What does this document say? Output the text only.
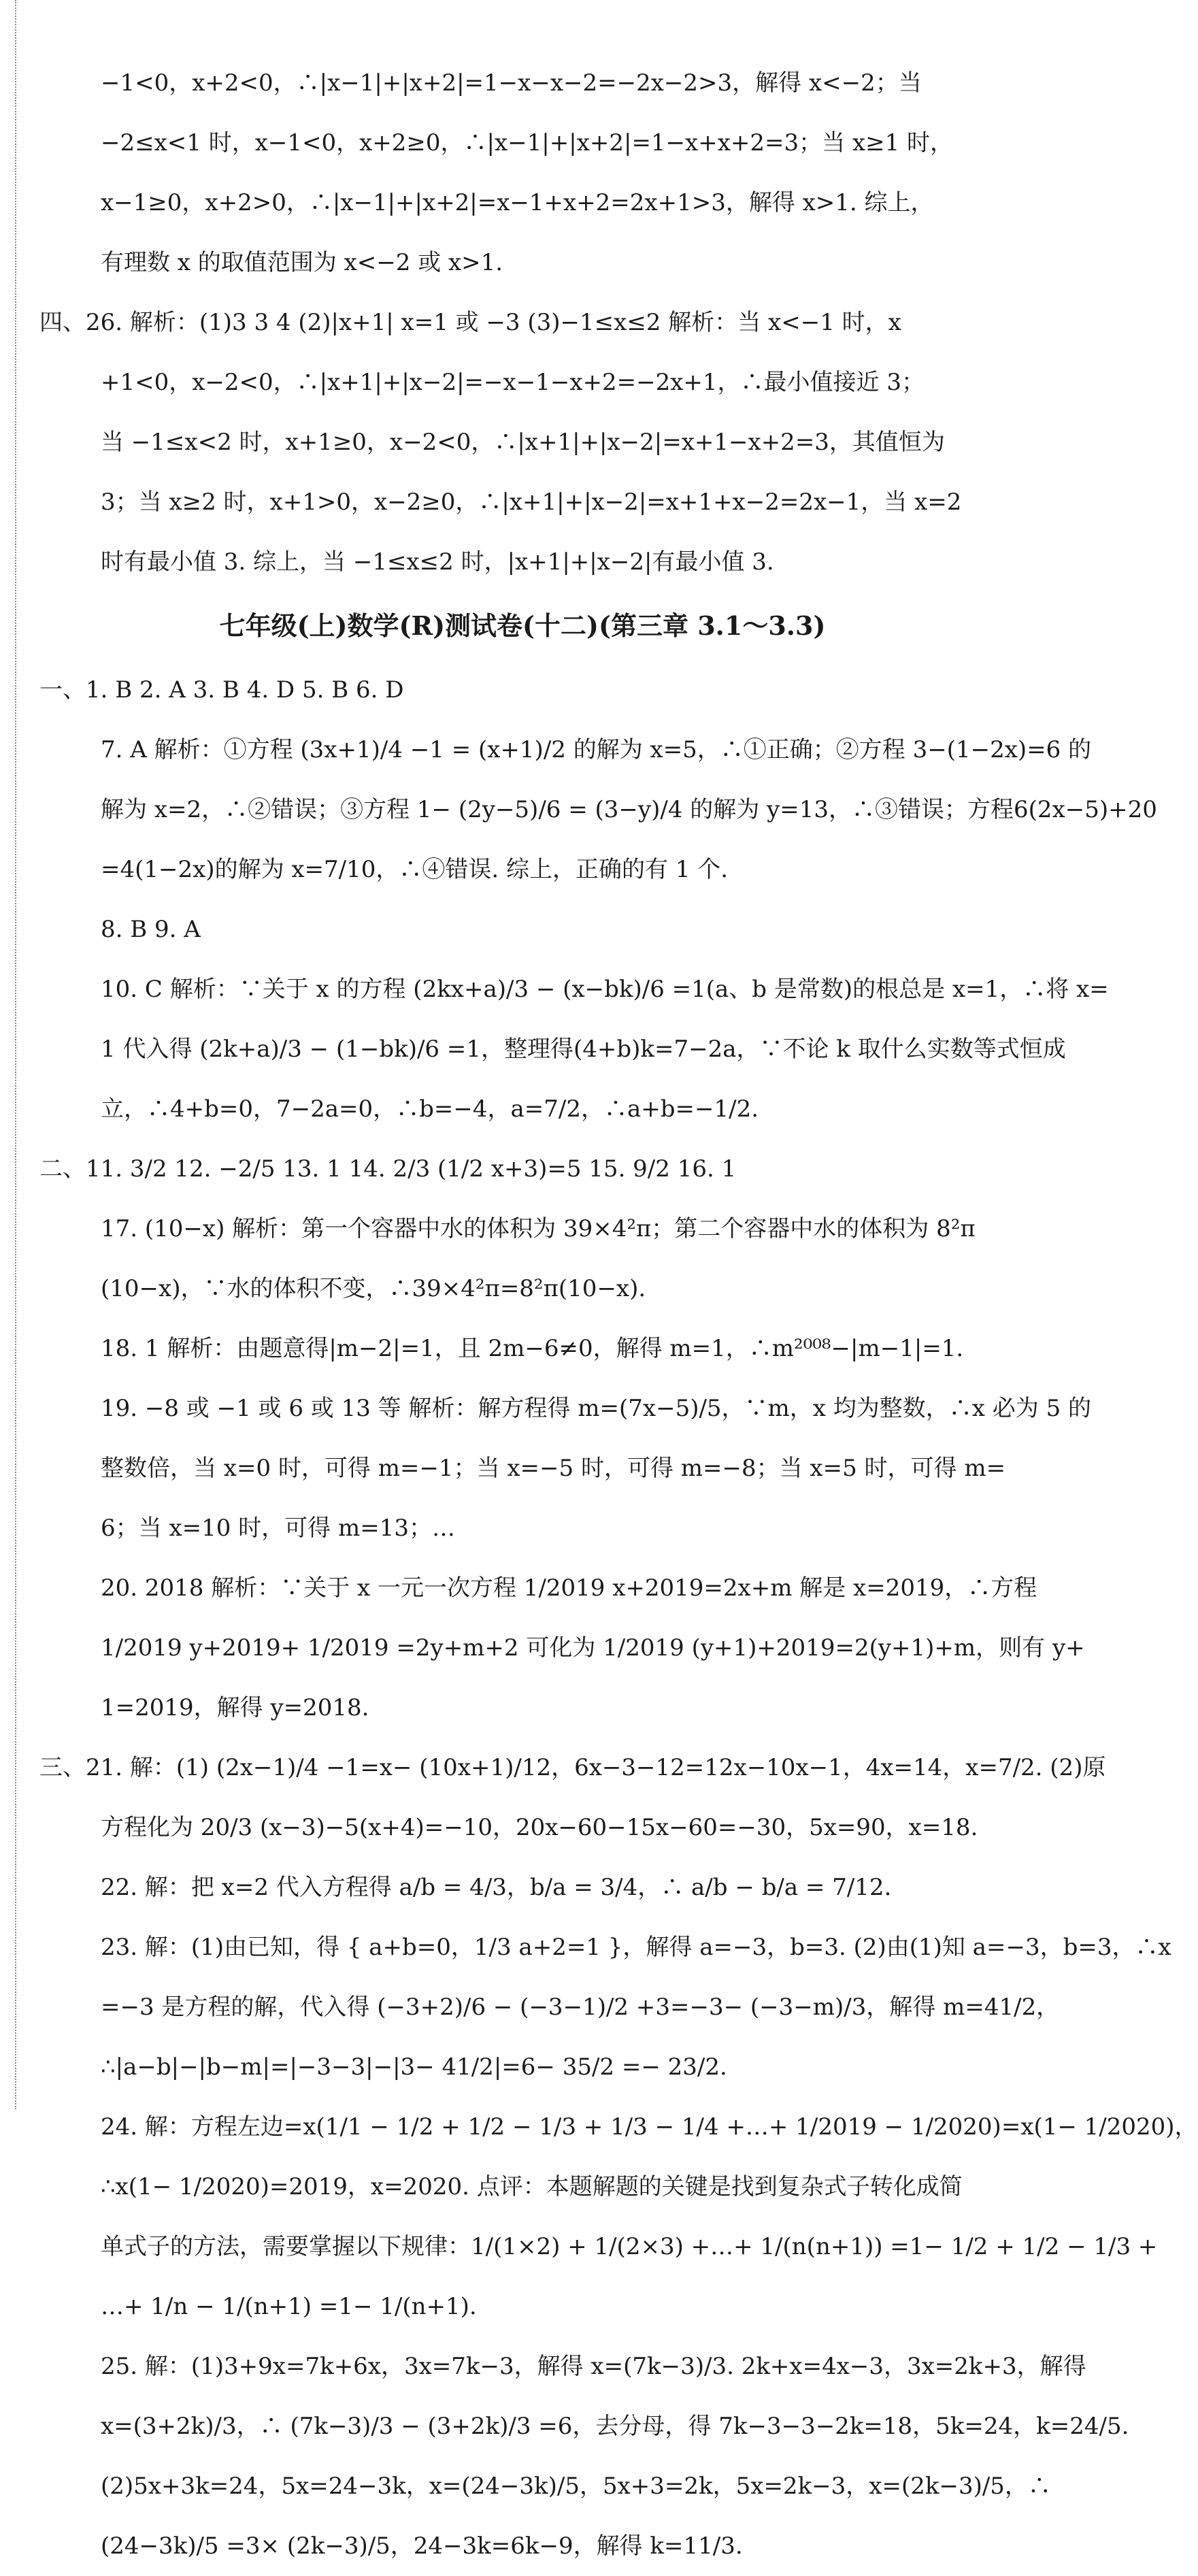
−1<0，x+2<0，∴|x−1|+|x+2|=1−x−x−2=−2x−2>3，解得 x<−2；当
−2≤x<1 时，x−1<0，x+2≥0，∴|x−1|+|x+2|=1−x+x+2=3；当 x≥1 时，
x−1≥0，x+2>0，∴|x−1|+|x+2|=x−1+x+2=2x+1>3，解得 x>1. 综上，
有理数 x 的取值范围为 x<−2 或 x>1.
四、26. 解析：(1)3 3 4 (2)|x+1| x=1 或 −3 (3)−1≤x≤2 解析：当 x<−1 时，x
+1<0，x−2<0，∴|x+1|+|x−2|=−x−1−x+2=−2x+1，∴最小值接近 3；
当 −1≤x<2 时，x+1≥0，x−2<0，∴|x+1|+|x−2|=x+1−x+2=3，其值恒为
3；当 x≥2 时，x+1>0，x−2≥0，∴|x+1|+|x−2|=x+1+x−2=2x−1，当 x=2
时有最小值 3. 综上，当 −1≤x≤2 时，|x+1|+|x−2|有最小值 3.
七年级(上)数学(R)测试卷(十二)(第三章 3.1～3.3)
一、1. B 2. A 3. B 4. D 5. B 6. D
7. A 解析：①方程 (3x+1)/4 −1 = (x+1)/2 的解为 x=5，∴①正确；②方程 3−(1−2x)=6 的
解为 x=2，∴②错误；③方程 1− (2y−5)/6 = (3−y)/4 的解为 y=13，∴③错误；方程6(2x−5)+20
=4(1−2x)的解为 x=7/10，∴④错误. 综上，正确的有 1 个.
8. B 9. A
10. C 解析：∵关于 x 的方程 (2kx+a)/3 − (x−bk)/6 =1(a、b 是常数)的根总是 x=1，∴将 x=
1 代入得 (2k+a)/3 − (1−bk)/6 =1，整理得(4+b)k=7−2a，∵不论 k 取什么实数等式恒成
立，∴4+b=0，7−2a=0，∴b=−4，a=7/2，∴a+b=−1/2.
二、11. 3/2 12. −2/5 13. 1 14. 2/3 (1/2 x+3)=5 15. 9/2 16. 1
17. (10−x) 解析：第一个容器中水的体积为 39×4²π；第二个容器中水的体积为 8²π
(10−x)，∵水的体积不变，∴39×4²π=8²π(10−x).
18. 1 解析：由题意得|m−2|=1，且 2m−6≠0，解得 m=1，∴m²⁰⁰⁸−|m−1|=1.
19. −8 或 −1 或 6 或 13 等 解析：解方程得 m=(7x−5)/5，∵m，x 均为整数，∴x 必为 5 的
整数倍，当 x=0 时，可得 m=−1；当 x=−5 时，可得 m=−8；当 x=5 时，可得 m=
6；当 x=10 时，可得 m=13；…
20. 2018 解析：∵关于 x 一元一次方程 1/2019 x+2019=2x+m 解是 x=2019，∴方程
1/2019 y+2019+ 1/2019 =2y+m+2 可化为 1/2019 (y+1)+2019=2(y+1)+m，则有 y+
1=2019，解得 y=2018.
三、21. 解：(1) (2x−1)/4 −1=x− (10x+1)/12，6x−3−12=12x−10x−1，4x=14，x=7/2. (2)原
方程化为 20/3 (x−3)−5(x+4)=−10，20x−60−15x−60=−30，5x=90，x=18.
22. 解：把 x=2 代入方程得 a/b = 4/3，b/a = 3/4，∴ a/b − b/a = 7/12.
23. 解：(1)由已知，得 { a+b=0，1/3 a+2=1 }，解得 a=−3，b=3. (2)由(1)知 a=−3，b=3，∴x
=−3 是方程的解，代入得 (−3+2)/6 − (−3−1)/2 +3=−3− (−3−m)/3，解得 m=41/2，
∴|a−b|−|b−m|=|−3−3|−|3− 41/2|=6− 35/2 =− 23/2.
24. 解：方程左边=x(1/1 − 1/2 + 1/2 − 1/3 + 1/3 − 1/4 +…+ 1/2019 − 1/2020)=x(1− 1/2020)，
∴x(1− 1/2020)=2019，x=2020. 点评：本题解题的关键是找到复杂式子转化成简
单式子的方法，需要掌握以下规律：1/(1×2) + 1/(2×3) +…+ 1/(n(n+1)) =1− 1/2 + 1/2 − 1/3 +
…+ 1/n − 1/(n+1) =1− 1/(n+1).
25. 解：(1)3+9x=7k+6x，3x=7k−3，解得 x=(7k−3)/3. 2k+x=4x−3，3x=2k+3，解得
x=(3+2k)/3，∴ (7k−3)/3 − (3+2k)/3 =6，去分母，得 7k−3−3−2k=18，5k=24，k=24/5.
(2)5x+3k=24，5x=24−3k，x=(24−3k)/5，5x+3=2k，5x=2k−3，x=(2k−3)/5，∴
(24−3k)/5 =3× (2k−3)/5，24−3k=6k−9，解得 k=11/3.
